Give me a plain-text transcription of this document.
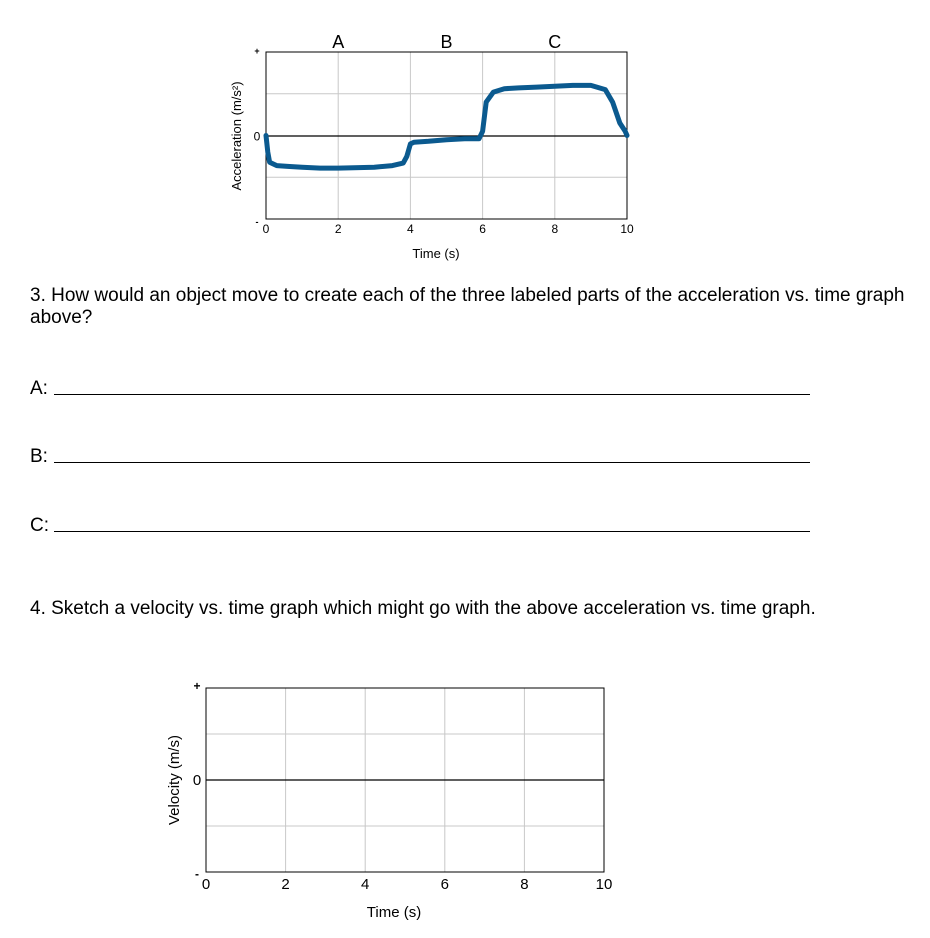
A	B	C
+
0
- 0	2	4	6	8	10
Acceleration (m/s²)
Time (s)
+
0
-
0	2	4	6	8	10
Velocity (m/s)
Time (s)
3. How would an object move to create each of the three labeled parts of the acceleration vs. time graph above?
A:
B:
C:
4. Sketch a velocity vs. time graph which might go with the above acceleration vs. time graph.
